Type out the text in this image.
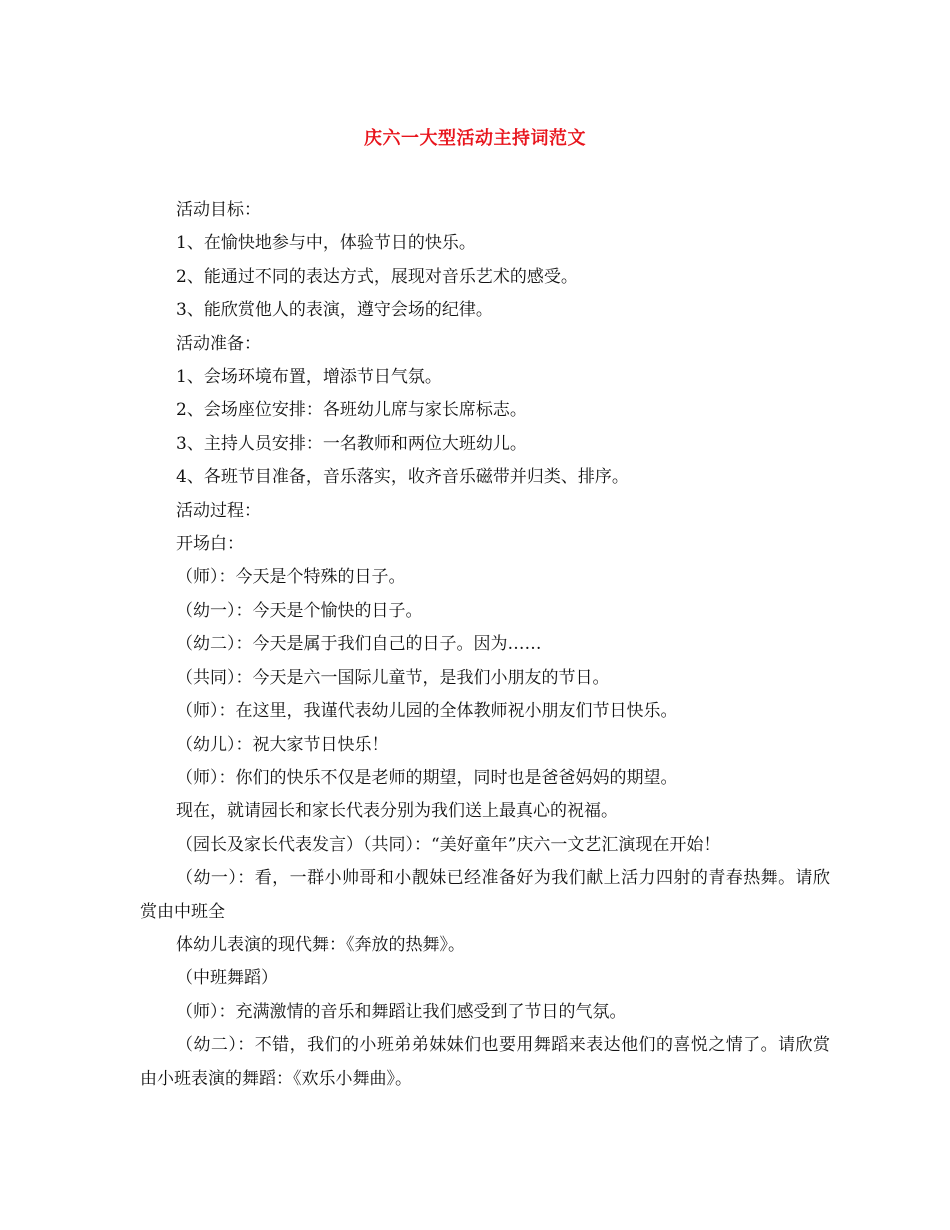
庆六一大型活动主持词范文
活动目标：
1、在愉快地参与中，体验节日的快乐。
2、能通过不同的表达方式，展现对音乐艺术的感受。
3、能欣赏他人的表演，遵守会场的纪律。
活动准备：
1、会场环境布置，增添节日气氛。
2、会场座位安排：各班幼儿席与家长席标志。
3、主持人员安排：一名教师和两位大班幼儿。
4、各班节目准备，音乐落实，收齐音乐磁带并归类、排序。
活动过程：
开场白：
（师）：今天是个特殊的日子。
（幼一）：今天是个愉快的日子。
（幼二）：今天是属于我们自己的日子。因为……
（共同）：今天是六一国际儿童节，是我们小朋友的节日。
（师）：在这里，我谨代表幼儿园的全体教师祝小朋友们节日快乐。
（幼儿）：祝大家节日快乐！
（师）：你们的快乐不仅是老师的期望，同时也是爸爸妈妈的期望。
现在，就请园长和家长代表分别为我们送上最真心的祝福。
（园长及家长代表发言）（共同）：“美好童年”庆六一文艺汇演现在开始！
（幼一）：看，一群小帅哥和小靓妹已经准备好为我们献上活力四射的青春热舞。请欣赏由中班全
体幼儿表演的现代舞：《奔放的热舞》。
（中班舞蹈）
（师）：充满激情的音乐和舞蹈让我们感受到了节日的气氛。
（幼二）：不错，我们的小班弟弟妹妹们也要用舞蹈来表达他们的喜悦之情了。请欣赏由小班表演的舞蹈：《欢乐小舞曲》。
